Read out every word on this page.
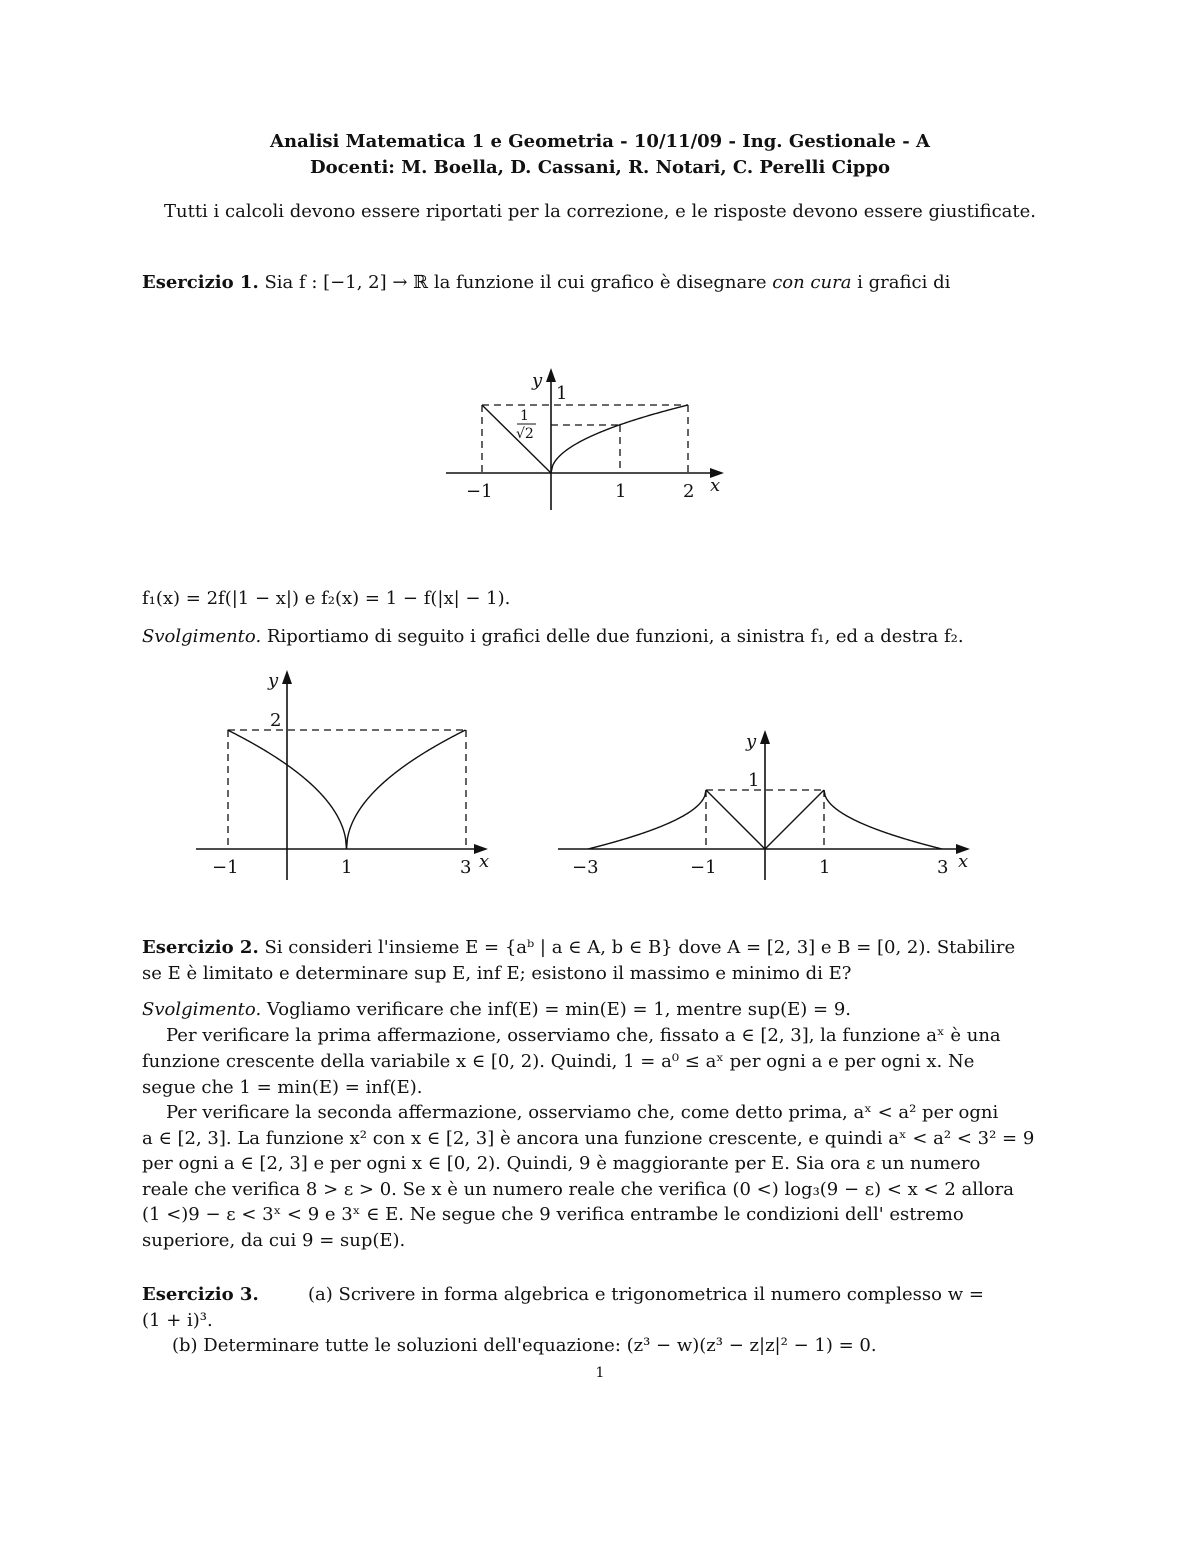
Analisi Matematica 1 e Geometria - 10/11/09 - Ing. Gestionale - A
Docenti: M. Boella, D. Cassani, R. Notari, C. Perelli Cippo
Tutti i calcoli devono essere riportati per la correzione, e le risposte devono essere giustificate.
Esercizio 1. Sia f : [−1, 2] → ℝ la funzione il cui grafico è disegnare con cura i grafici di
y
1
1
√2
−1	1	2 x
f₁(x) = 2f(|1 − x|) e f₂(x) = 1 − f(|x| − 1).
Svolgimento. Riportiamo di seguito i grafici delle due funzioni, a sinistra f₁, ed a destra f₂.
y
2
−1	1	3 x
y
1
−3	−1	1	3 x
Esercizio 2. Si consideri l'insieme E = {aᵇ | a ∈ A, b ∈ B} dove A = [2, 3] e B = [0, 2). Stabilire
se E è limitato e determinare sup E, inf E; esistono il massimo e minimo di E?
Svolgimento. Vogliamo verificare che inf(E) = min(E) = 1, mentre sup(E) = 9.
Per verificare la prima affermazione, osserviamo che, fissato a ∈ [2, 3], la funzione aˣ è una
funzione crescente della variabile x ∈ [0, 2). Quindi, 1 = a⁰ ≤ aˣ per ogni a e per ogni x. Ne
segue che 1 = min(E) = inf(E).
Per verificare la seconda affermazione, osserviamo che, come detto prima, aˣ < a² per ogni
a ∈ [2, 3]. La funzione x² con x ∈ [2, 3] è ancora una funzione crescente, e quindi aˣ < a² < 3² = 9
per ogni a ∈ [2, 3] e per ogni x ∈ [0, 2). Quindi, 9 è maggiorante per E. Sia ora ε un numero
reale che verifica 8 > ε > 0. Se x è un numero reale che verifica (0 <) log₃(9 − ε) < x < 2 allora
(1 <)9 − ε < 3ˣ < 9 e 3ˣ ∈ E. Ne segue che 9 verifica entrambe le condizioni dell' estremo
superiore, da cui 9 = sup(E).
Esercizio 3.	(a) Scrivere in forma algebrica e trigonometrica il numero complesso w =
(1 + i)³.
(b) Determinare tutte le soluzioni dell'equazione: (z³ − w)(z³ − z|z|² − 1) = 0.
1
